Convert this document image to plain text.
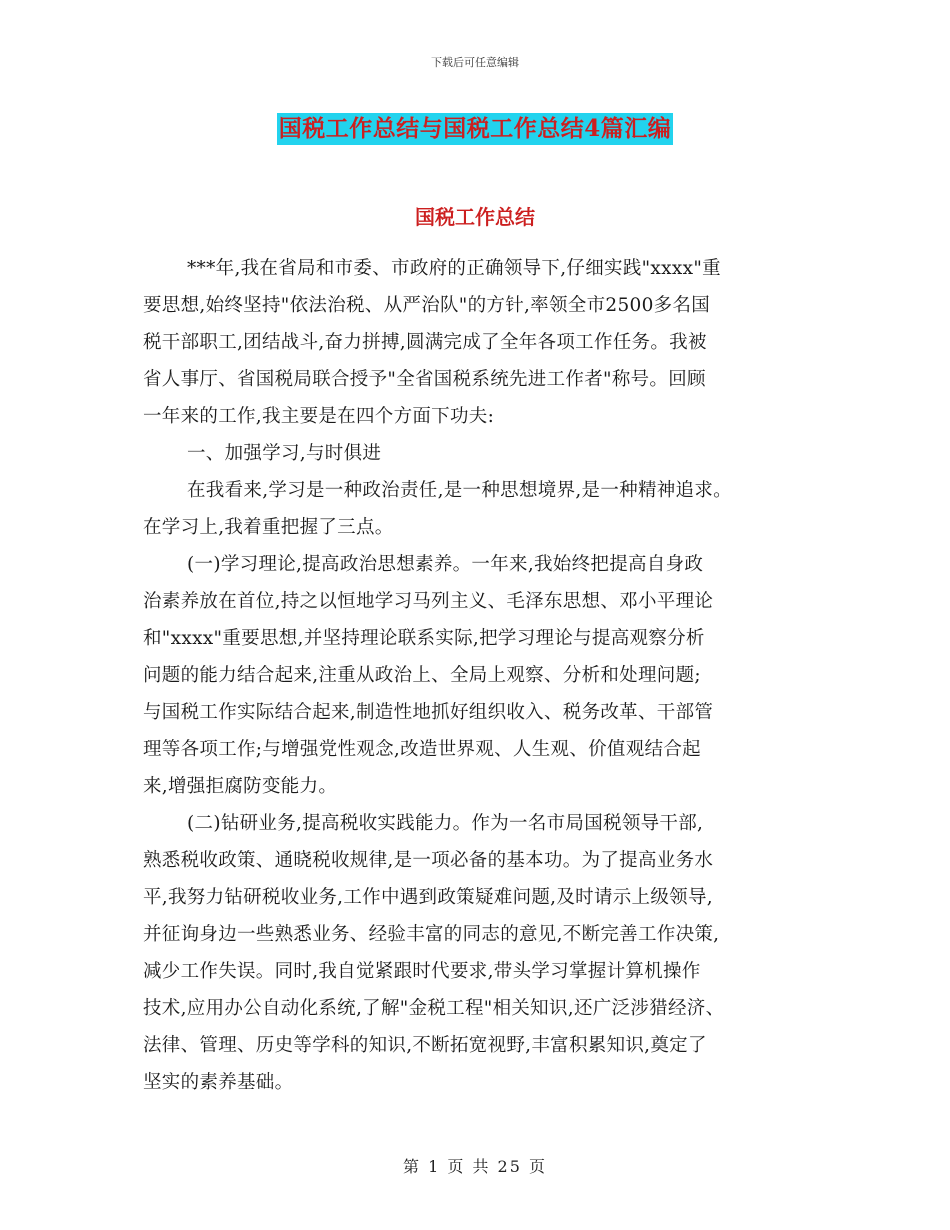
下载后可任意编辑
国税工作总结与国税工作总结4篇汇编
国税工作总结
***年,我在省局和市委、市政府的正确领导下,仔细实践"xxxx"重
要思想,始终坚持"依法治税、从严治队"的方针,率领全市2500多名国
税干部职工,团结战斗,奋力拼搏,圆满完成了全年各项工作任务。我被
省人事厅、省国税局联合授予"全省国税系统先进工作者"称号。回顾
一年来的工作,我主要是在四个方面下功夫:
一、加强学习,与时俱进
在我看来,学习是一种政治责任,是一种思想境界,是一种精神追求。
在学习上,我着重把握了三点。
(一)学习理论,提高政治思想素养。一年来,我始终把提高自身政
治素养放在首位,持之以恒地学习马列主义、毛泽东思想、邓小平理论
和"xxxx"重要思想,并坚持理论联系实际,把学习理论与提高观察分析
问题的能力结合起来,注重从政治上、全局上观察、分析和处理问题;
与国税工作实际结合起来,制造性地抓好组织收入、税务改革、干部管
理等各项工作;与增强党性观念,改造世界观、人生观、价值观结合起
来,增强拒腐防变能力。
(二)钻研业务,提高税收实践能力。作为一名市局国税领导干部,
熟悉税收政策、通晓税收规律,是一项必备的基本功。为了提高业务水
平,我努力钻研税收业务,工作中遇到政策疑难问题,及时请示上级领导,
并征询身边一些熟悉业务、经验丰富的同志的意见,不断完善工作决策,
减少工作失误。同时,我自觉紧跟时代要求,带头学习掌握计算机操作
技术,应用办公自动化系统,了解"金税工程"相关知识,还广泛涉猎经济、
法律、管理、历史等学科的知识,不断拓宽视野,丰富积累知识,奠定了
坚实的素养基础。
第 1 页 共 25 页
